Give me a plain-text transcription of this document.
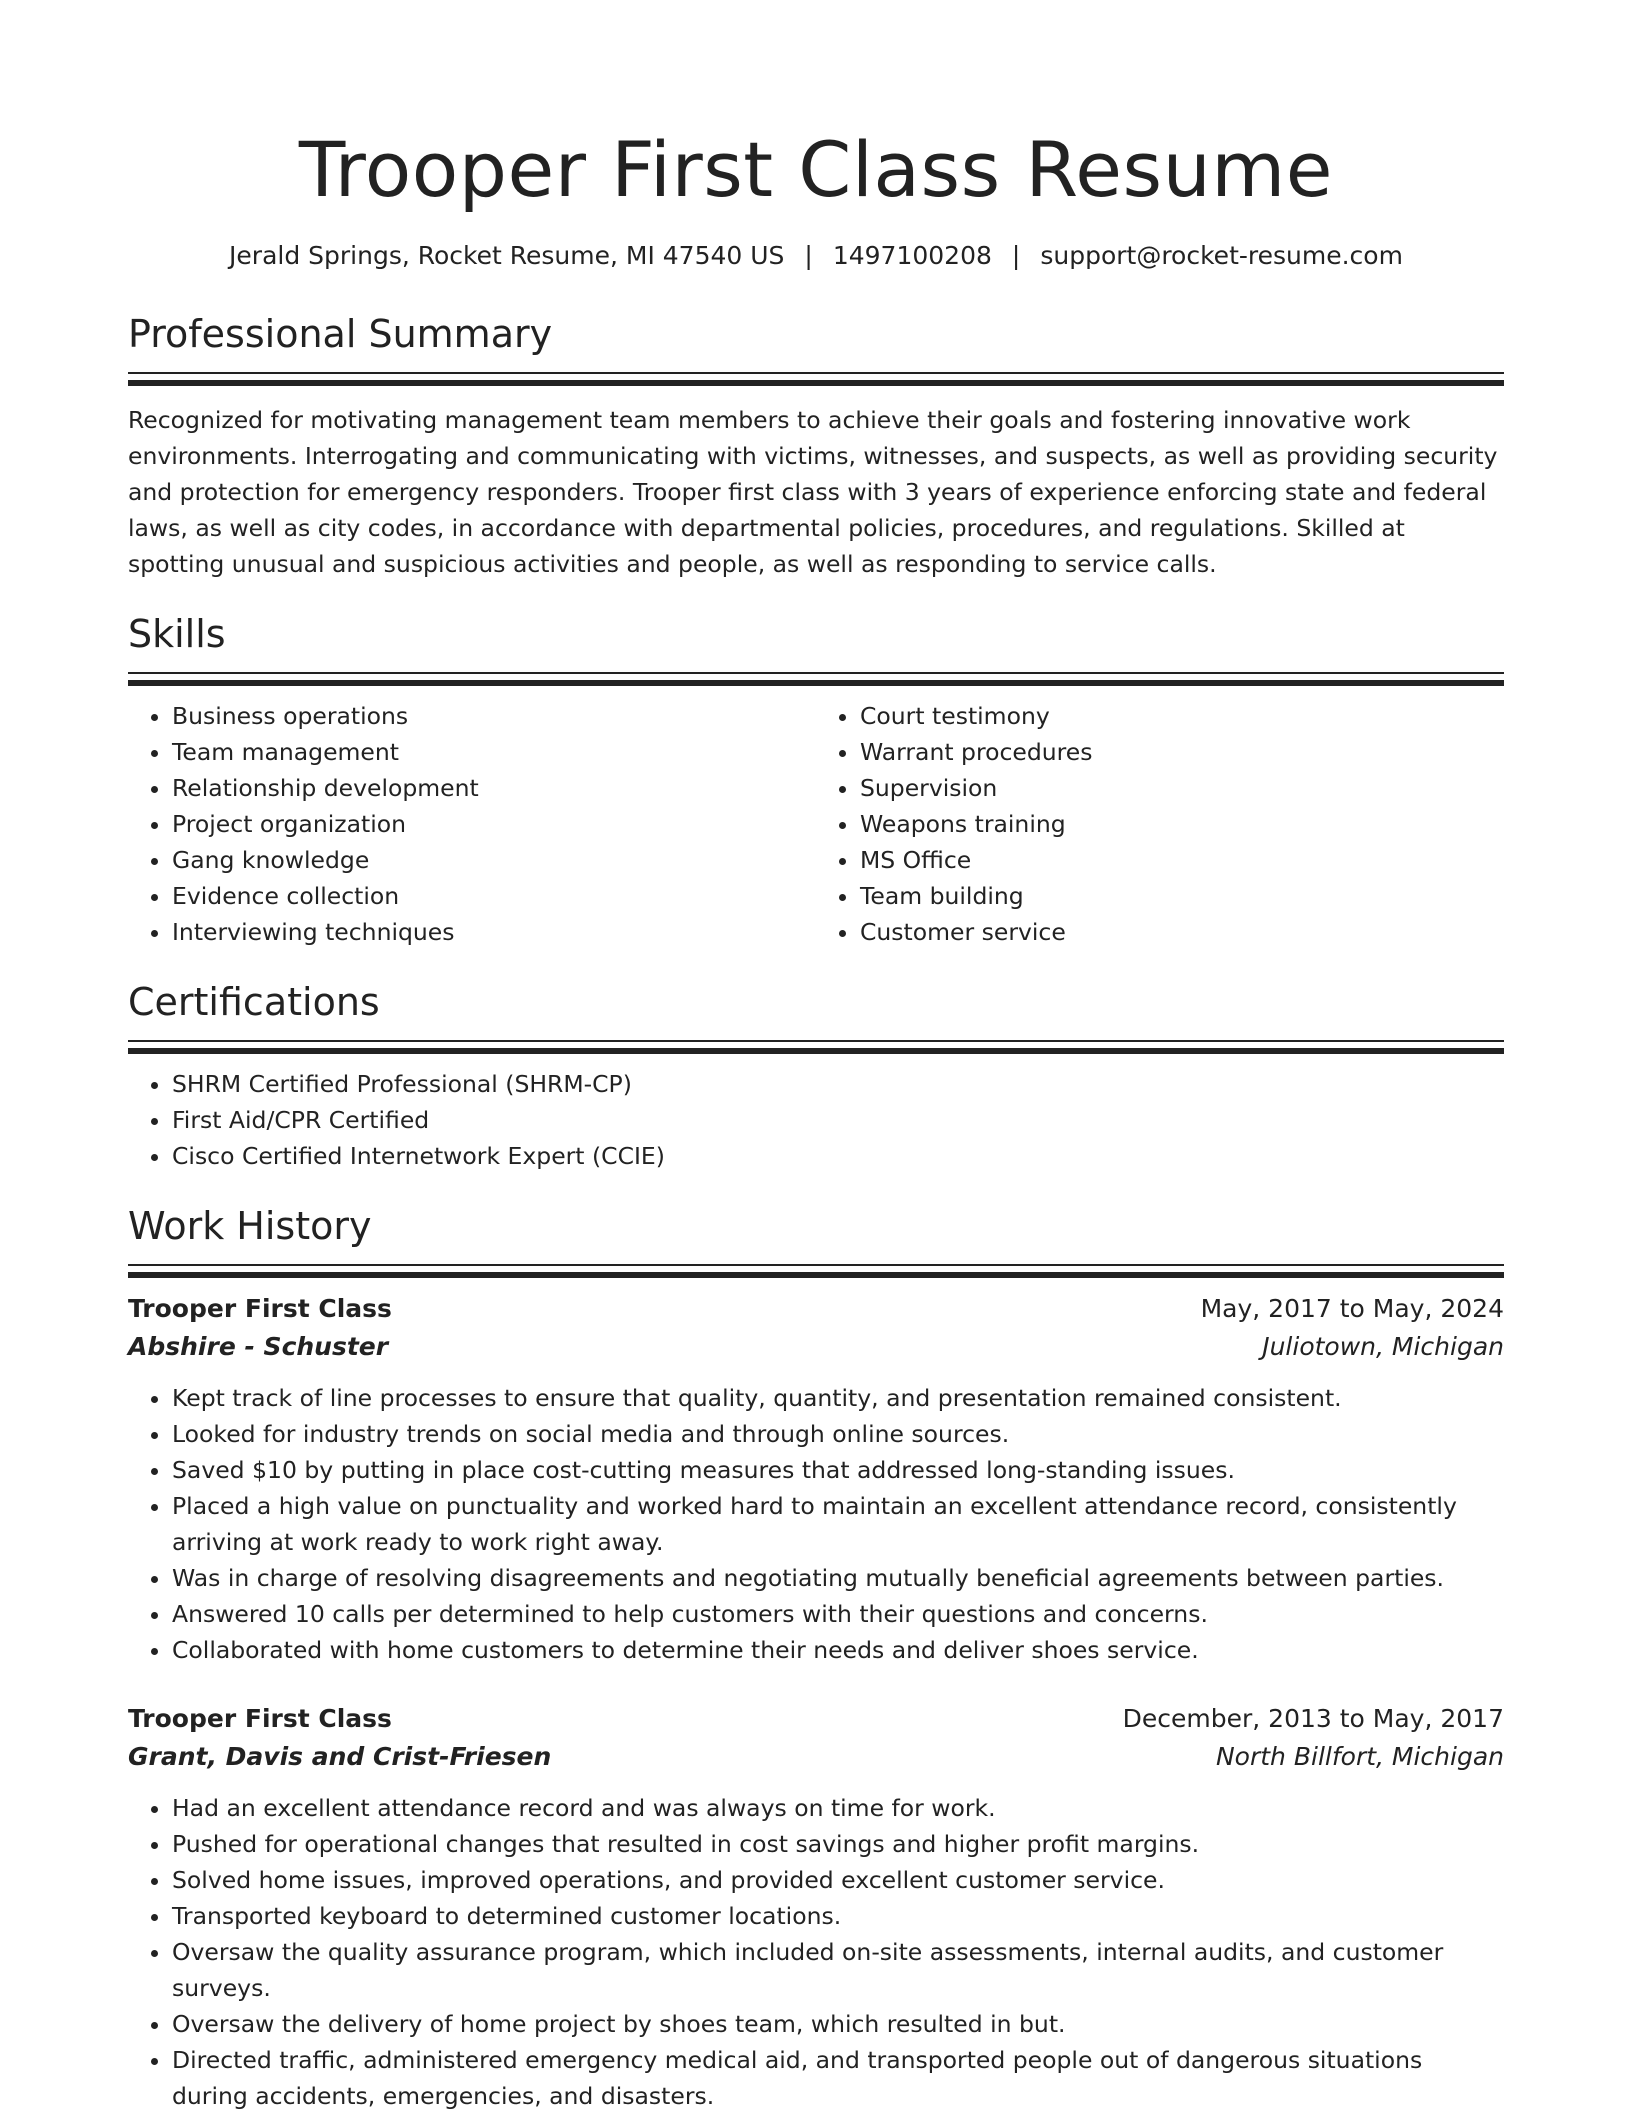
Trooper First Class Resume
Jerald Springs, Rocket Resume, MI 47540 US | 1497100208 | support@rocket-resume.com
Professional Summary

Recognized for motivating management team members to achieve their goals and fostering innovative work environments. Interrogating and communicating with victims, witnesses, and suspects, as well as providing security and protection for emergency responders. Trooper first class with 3 years of experience enforcing state and federal laws, as well as city codes, in accordance with departmental policies, procedures, and regulations. Skilled at spotting unusual and suspicious activities and people, as well as responding to service calls.

Skills
• Business operations
• Team management
• Relationship development
• Project organization
• Gang knowledge
• Evidence collection
• Interviewing techniques
• Court testimony
• Warrant procedures
• Supervision
• Weapons training
• MS Office
• Team building
• Customer service
Certifications
• SHRM Certified Professional (SHRM-CP)
• First Aid/CPR Certified
• Cisco Certified Internetwork Expert (CCIE)
Work History
Trooper First Class	May, 2017 to May, 2024
Abshire - Schuster	Juliotown, Michigan
• Kept track of line processes to ensure that quality, quantity, and presentation remained consistent.
• Looked for industry trends on social media and through online sources.
• Saved $10 by putting in place cost-cutting measures that addressed long-standing issues.
• Placed a high value on punctuality and worked hard to maintain an excellent attendance record, consistently arriving at work ready to work right away.
• Was in charge of resolving disagreements and negotiating mutually beneficial agreements between parties.
• Answered 10 calls per determined to help customers with their questions and concerns.
• Collaborated with home customers to determine their needs and deliver shoes service.
Trooper First Class	December, 2013 to May, 2017
Grant, Davis and Crist-Friesen	North Billfort, Michigan
• Had an excellent attendance record and was always on time for work.
• Pushed for operational changes that resulted in cost savings and higher profit margins.
• Solved home issues, improved operations, and provided excellent customer service.
• Transported keyboard to determined customer locations.
• Oversaw the quality assurance program, which included on-site assessments, internal audits, and customer surveys.
• Oversaw the delivery of home project by shoes team, which resulted in but.
• Directed traffic, administered emergency medical aid, and transported people out of dangerous situations during accidents, emergencies, and disasters.
